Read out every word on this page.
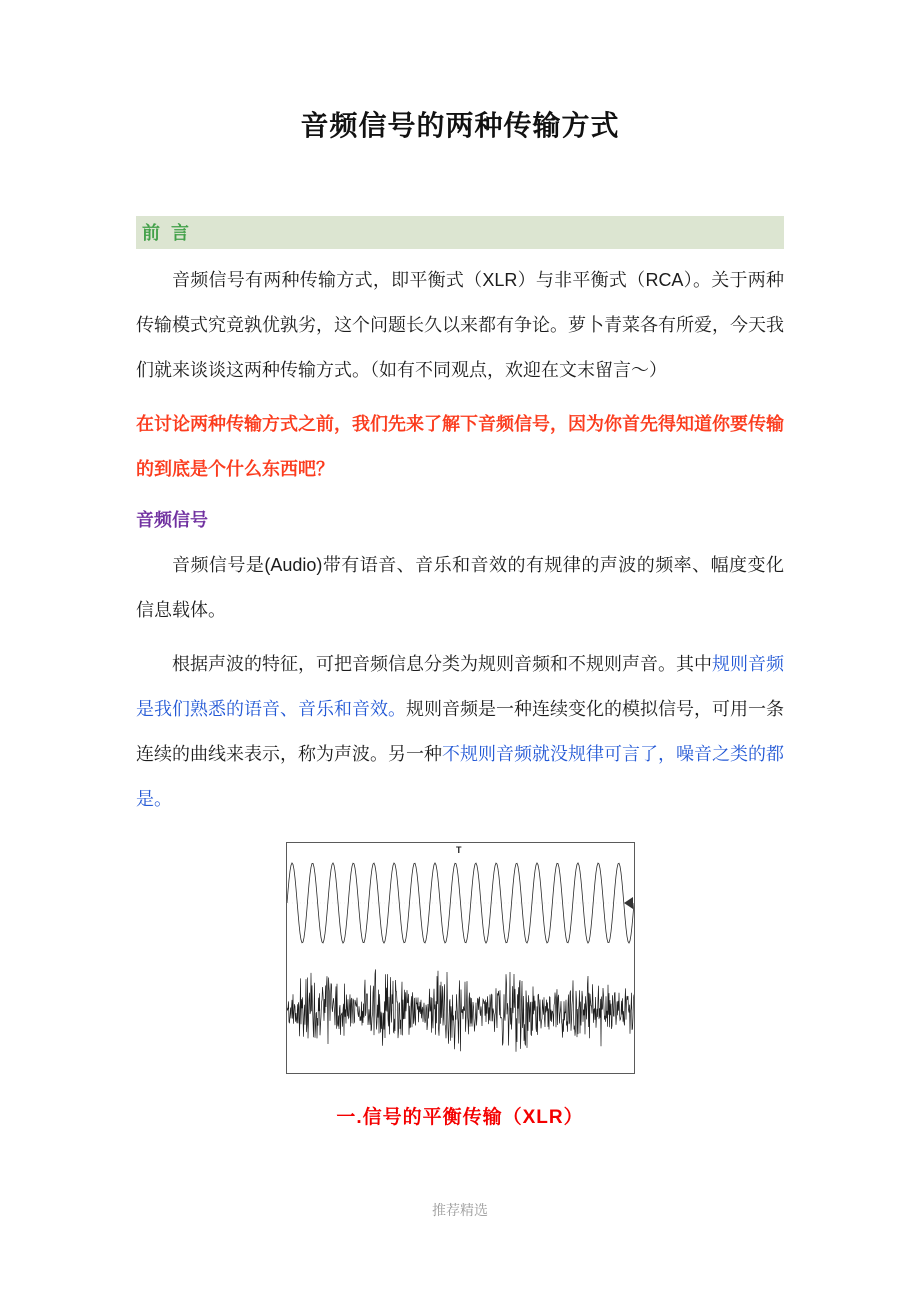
音频信号的两种传输方式
前 言

音频信号有两种传输方式，即平衡式（XLR）与非平衡式（RCA）。关于两种传输模式究竟孰优孰劣，这个问题长久以来都有争论。萝卜青菜各有所爱，今天我们就来谈谈这两种传输方式。（如有不同观点，欢迎在文末留言～）

在讨论两种传输方式之前，我们先来了解下音频信号，因为你首先得知道你要传输的到底是个什么东西吧？

音频信号

音频信号是(Audio)带有语音、音乐和音效的有规律的声波的频率、幅度变化信息载体。

根据声波的特征，可把音频信息分类为规则音频和不规则声音。其中规则音频是我们熟悉的语音、音乐和音效。规则音频是一种连续变化的模拟信号，可用一条连续的曲线来表示，称为声波。另一种不规则音频就没规律可言了，噪音之类的都是。

T
一.信号的平衡传输（XLR）
推荐精选
